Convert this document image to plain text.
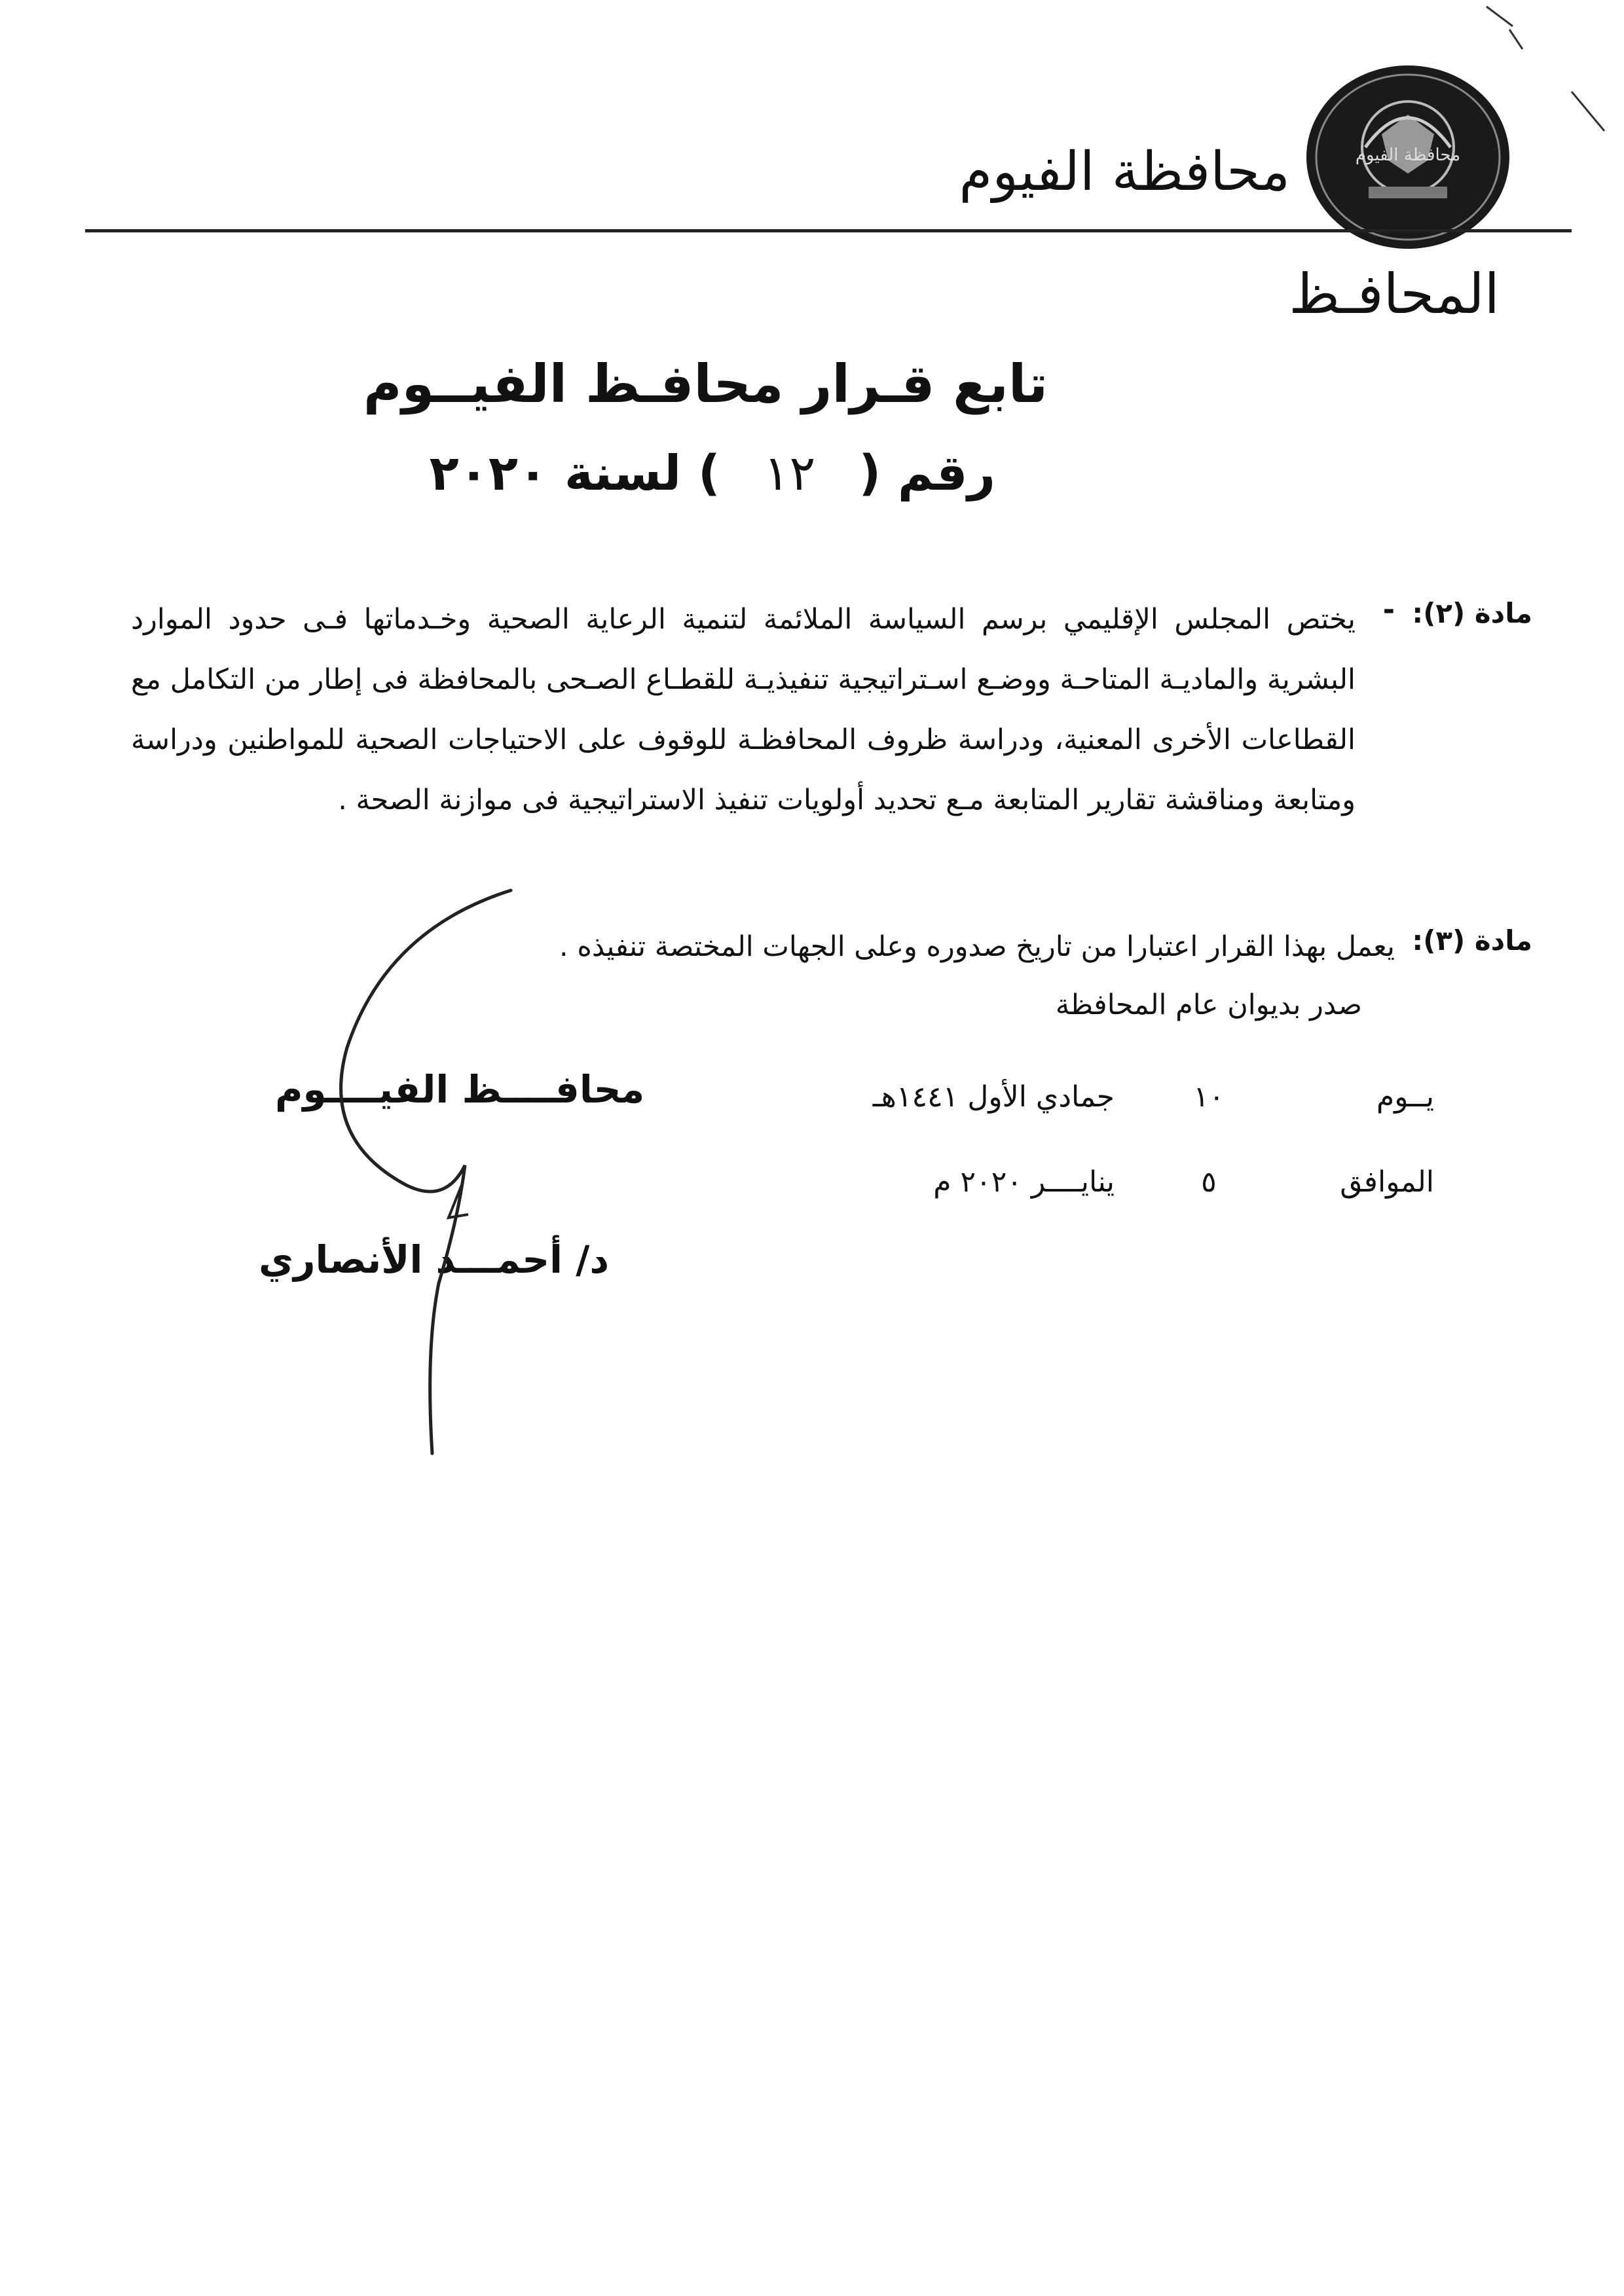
محافظة الفيوم
محافظة الفيوم
المحافـظ
تابع قـرار محافـظ الفيــوم
رقم ( ١٢ ) لسنة ٢٠٢٠
مادة (٢):
-
يختص المجلس الإقليمي برسم السياسة الملائمة لتنمية الرعاية الصحية وخـدماتها فـى حدود الموارد البشرية والماديـة المتاحـة ووضـع اسـتراتيجية تنفيذيـة للقطـاع الصـحى بالمحافظة فى إطار من التكامل مع القطاعات الأخرى المعنية، ودراسة ظروف المحافظـة للوقوف على الاحتياجات الصحية للمواطنين ودراسة ومتابعة ومناقشة تقارير المتابعة مـع تحديد أولويات تنفيذ الاستراتيجية فى موازنة الصحة .
مادة (٣):
يعمل بهذا القرار اعتبارا من تاريخ صدوره وعلى الجهات المختصة تنفيذه .
صدر بديوان عام المحافظة
يــوم ١٠ جمادي الأول ١٤٤١هـ
الموافق ٥ ينايــــر ٢٠٢٠ م
محافــــظ الفيــــوم
د/ أحمـــد الأنصاري
